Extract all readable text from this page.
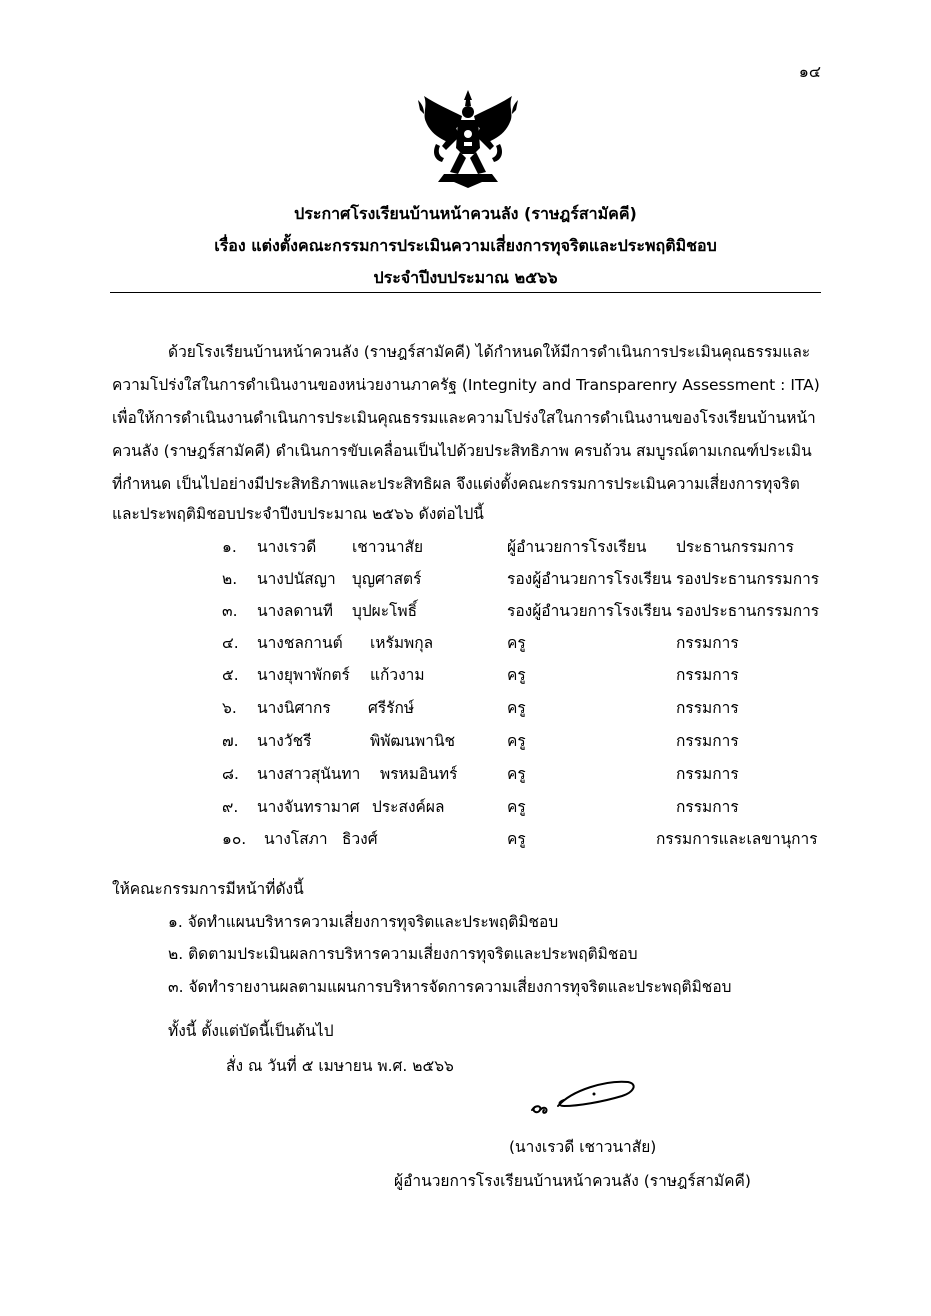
๑๔
ประกาศโรงเรียนบ้านหน้าควนลัง (ราษฎร์สามัคคี)
เรื่อง แต่งตั้งคณะกรรมการประเมินความเสี่ยงการทุจริตและประพฤติมิชอบ
ประจำปีงบประมาณ ๒๕๖๖
ด้วยโรงเรียนบ้านหน้าควนลัง (ราษฎร์สามัคคี) ได้กำหนดให้มีการดำเนินการประเมินคุณธรรมและ
ความโปร่งใสในการดำเนินงานของหน่วยงานภาครัฐ (Integnity and Transparenry Assessment : ITA)
เพื่อให้การดำเนินงานดำเนินการประเมินคุณธรรมและความโปร่งใสในการดำเนินงานของโรงเรียนบ้านหน้า
ควนลัง (ราษฎร์สามัคคี) ดำเนินการขับเคลื่อนเป็นไปด้วยประสิทธิภาพ ครบถ้วน สมบูรณ์ตามเกณฑ์ประเมิน
ที่กำหนด เป็นไปอย่างมีประสิทธิภาพและประสิทธิผล จึงแต่งตั้งคณะกรรมการประเมินความเสี่ยงการทุจริต
และประพฤติมิชอบประจำปีงบประมาณ ๒๕๖๖ ดังต่อไปนี้
๑. นางเรวดี เชาวนาสัย	ผู้อำนวยการโรงเรียน ประธานกรรมการ
๒. นางปนัสญา บุญศาสตร์	รองผู้อำนวยการโรงเรียน รองประธานกรรมการ
๓. นางลดานที บุปผะโพธิ์	รองผู้อำนวยการโรงเรียน รองประธานกรรมการ
๔. นางชลกานต์ เหรัมพกุล	ครู	กรรมการ
๕. นางยุพาพักตร์ แก้วงาม	ครู	กรรมการ
๖. นางนิศากร ศรีรักษ์	ครู	กรรมการ
๗. นางวัชรี	พิพัฒนพานิช	ครู	กรรมการ
๘. นางสาวสุนันทา พรหมอินทร์	ครู	กรรมการ
๙. นางจันทรามาศ ประสงค์ผล	ครู	กรรมการ
๑๐. นางโสภา ธิวงศ์	ครู	กรรมการและเลขานุการ
ให้คณะกรรมการมีหน้าที่ดังนี้
๑. จัดทำแผนบริหารความเสี่ยงการทุจริตและประพฤติมิชอบ
๒. ติดตามประเมินผลการบริหารความเสี่ยงการทุจริตและประพฤติมิชอบ
๓. จัดทำรายงานผลตามแผนการบริหารจัดการความเสี่ยงการทุจริตและประพฤติมิชอบ
ทั้งนี้ ตั้งแต่บัดนี้เป็นต้นไป
สั่ง ณ วันที่ ๕ เมษายน พ.ศ. ๒๕๖๖
(นางเรวดี เชาวนาสัย)
ผู้อำนวยการโรงเรียนบ้านหน้าควนลัง (ราษฎร์สามัคคี)
